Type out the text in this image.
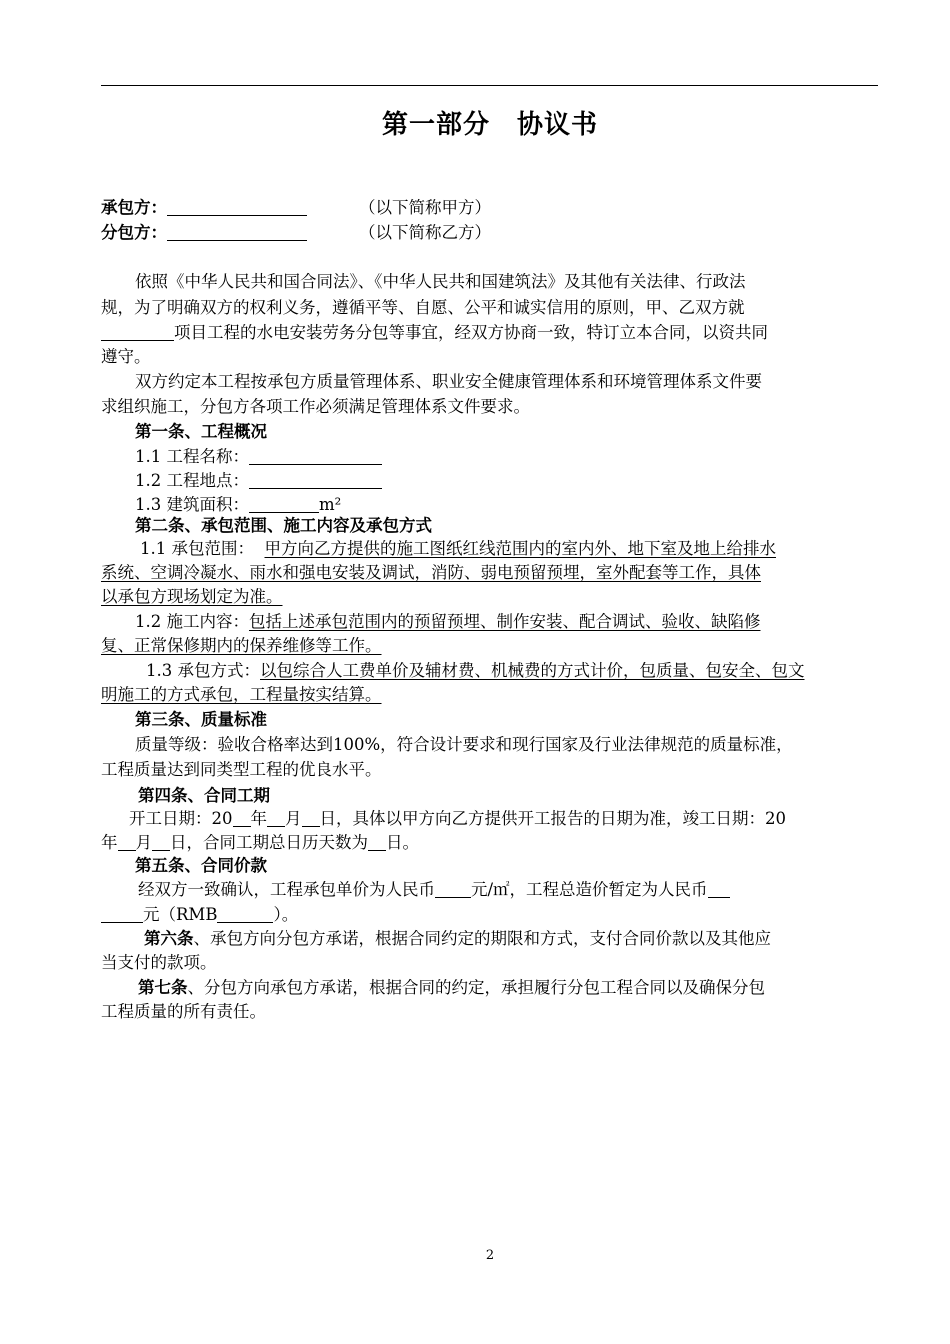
第一部分　协议书
承包方：	（以下简称甲方）
分包方：	（以下简称乙方）
依照《中华人民共和国合同法》、《中华人民共和国建筑法》及其他有关法律、行政法
规，为了明确双方的权利义务，遵循平等、自愿、公平和诚实信用的原则，甲、乙双方就
项目工程的水电安装劳务分包等事宜，经双方协商一致，特订立本合同，以资共同
遵守。
双方约定本工程按承包方质量管理体系、职业安全健康管理体系和环境管理体系文件要
求组织施工，分包方各项工作必须满足管理体系文件要求。
第一条、工程概况
1.1 工程名称：
1.2 工程地点：
1.3 建筑面积：	m²
第二条、承包范围、施工内容及承包方式
1.1 承包范围： 甲方向乙方提供的施工图纸红线范围内的室内外、地下室及地上给排水
系统、空调冷凝水、雨水和强电安装及调试，消防、弱电预留预埋，室外配套等工作，具体
以承包方现场划定为准。
1.2 施工内容：包括上述承包范围内的预留预埋、制作安装、配合调试、验收、缺陷修
复、正常保修期内的保养维修等工作。
1.3 承包方式：以包综合人工费单价及辅材费、机械费的方式计价，包质量、包安全、包文
明施工的方式承包，工程量按实结算。
第三条、质量标准
质量等级：验收合格率达到100%，符合设计要求和现行国家及行业法律规范的质量标准，
工程质量达到同类型工程的优良水平。
第四条、合同工期
开工日期：20 年 月 日，具体以甲方向乙方提供开工报告的日期为准，竣工日期：20
年 月 日，合同工期总日历天数为 日。
第五条、合同价款
经双方一致确认，工程承包单价为人民币 元/㎡，工程总造价暂定为人民币
元（RMB	）。
第六条、承包方向分包方承诺，根据合同约定的期限和方式，支付合同价款以及其他应
当支付的款项。
第七条、分包方向承包方承诺，根据合同的约定，承担履行分包工程合同以及确保分包
工程质量的所有责任。
2
